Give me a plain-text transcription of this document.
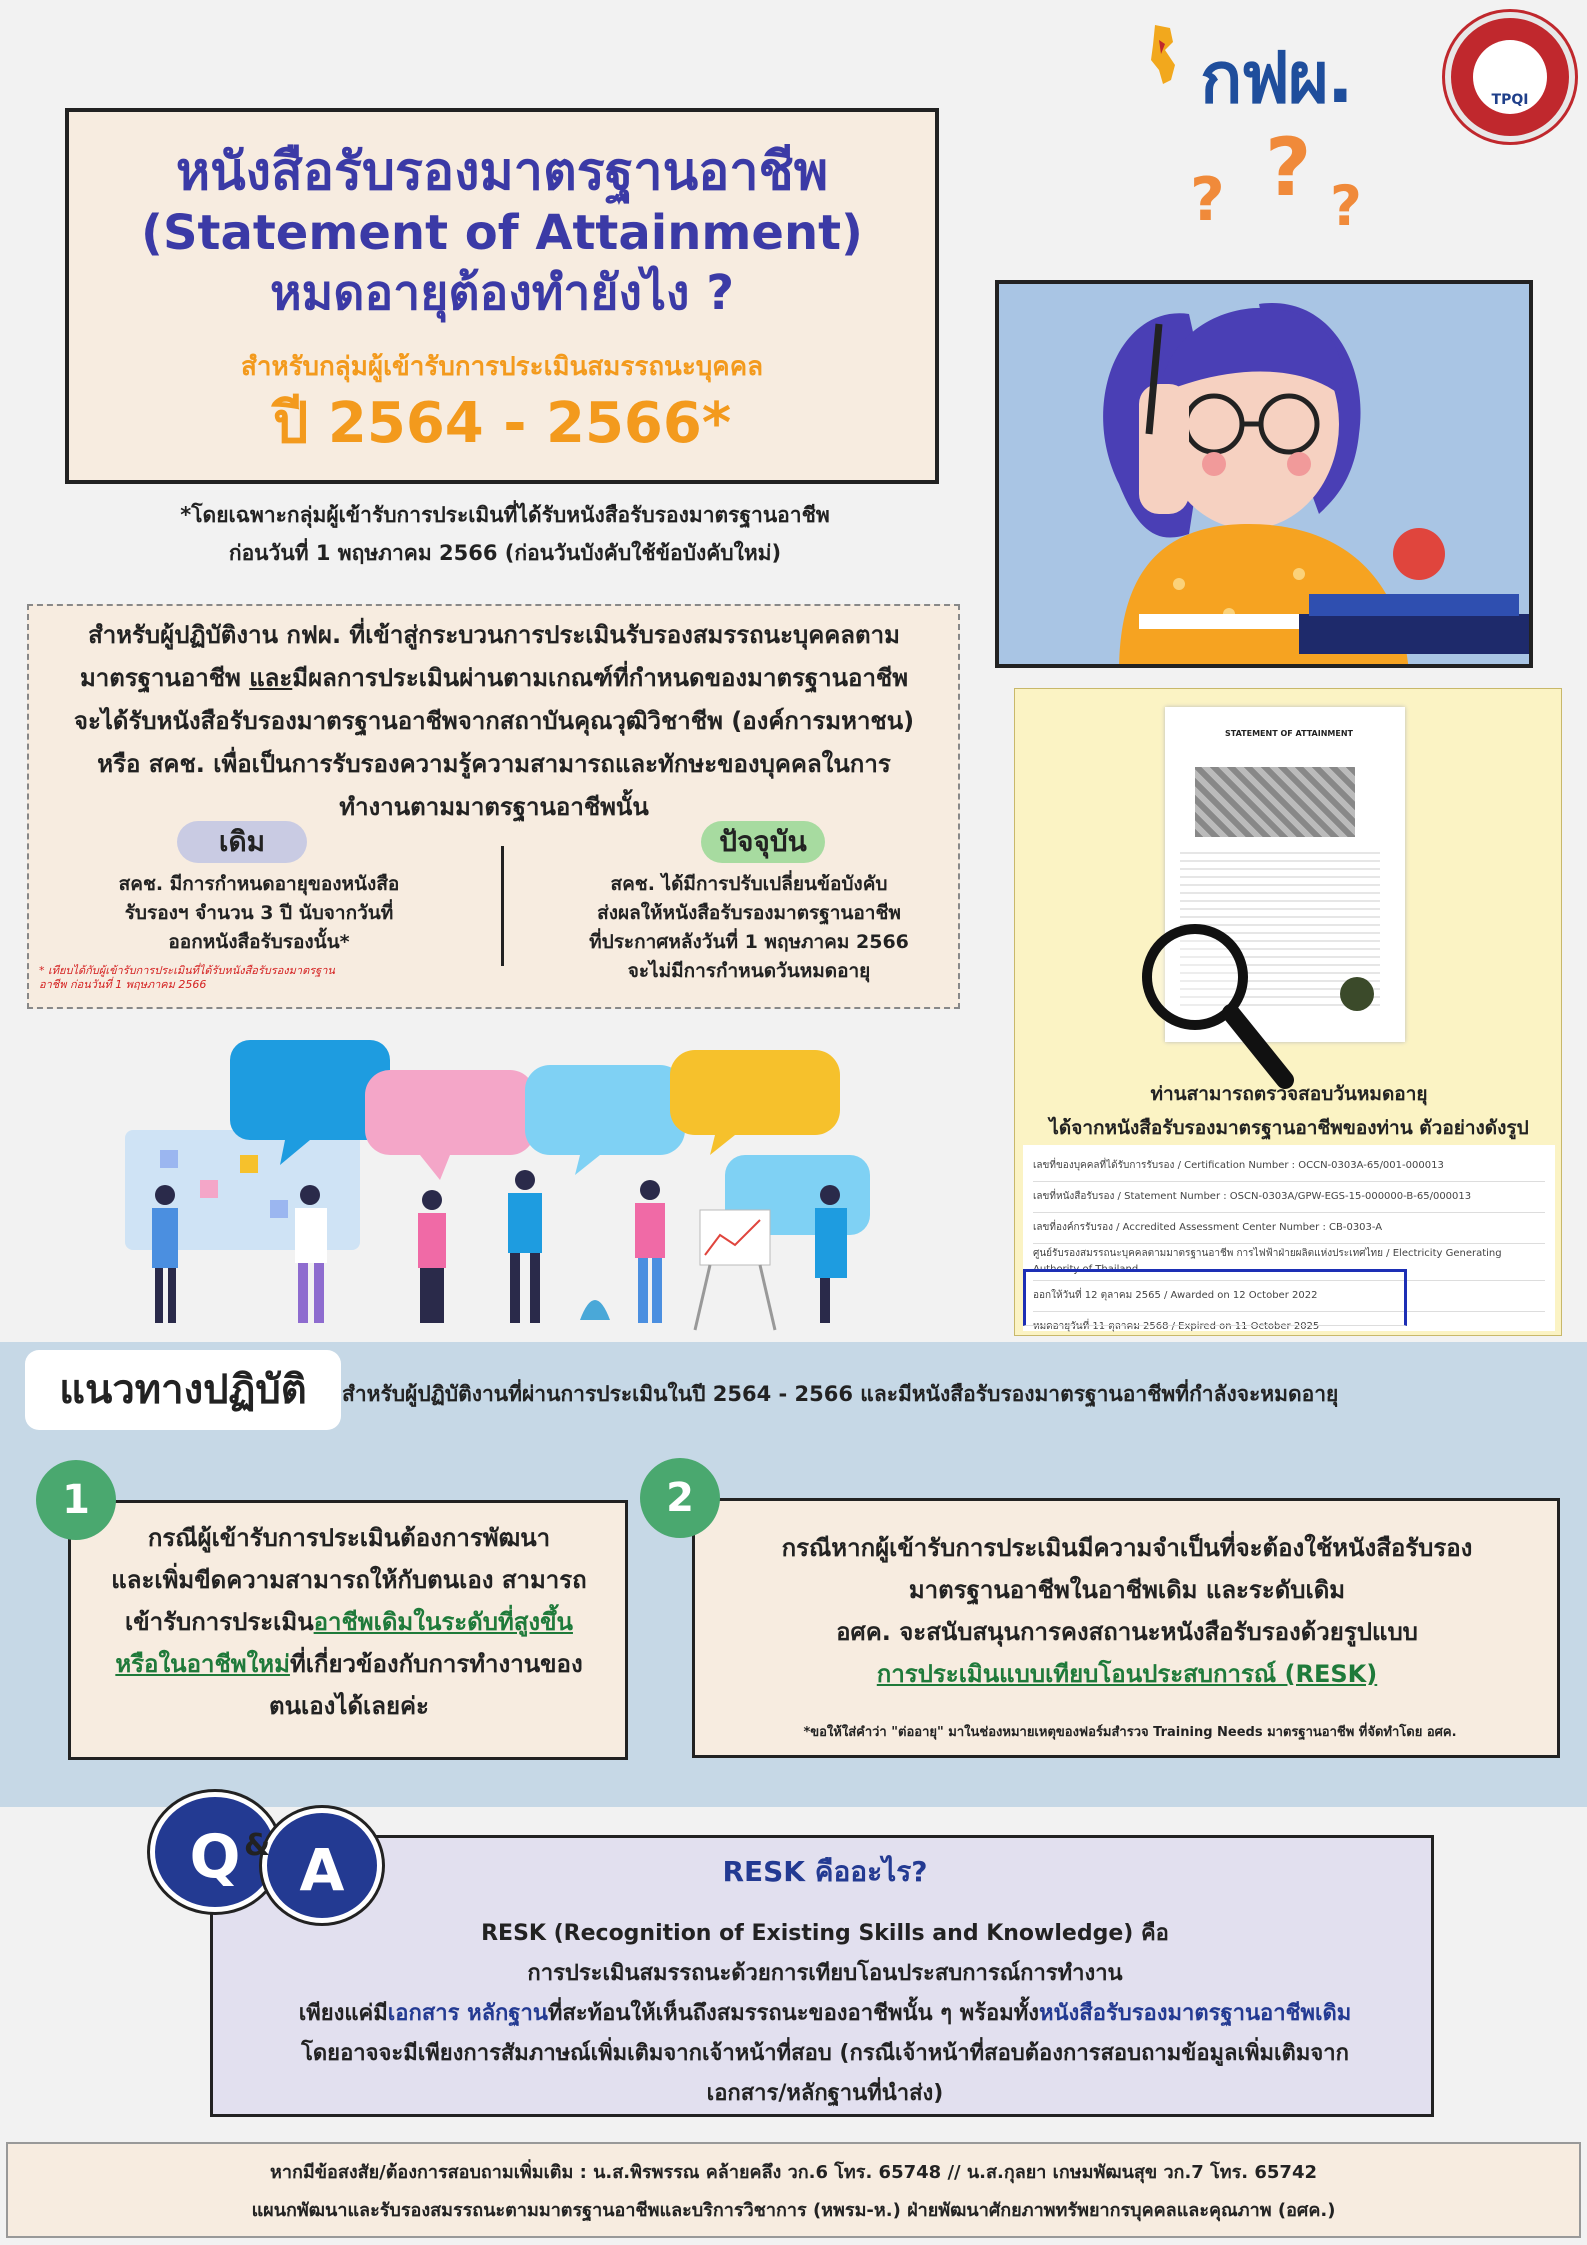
กฟผ.	TPQI
หนังสือรับรองมาตรฐานอาชีพ
(Statement of Attainment)
หมดอายุต้องทำยังไง ?
สำหรับกลุ่มผู้เข้ารับการประเมินสมรรถนะบุคคล
ปี 2564 - 2566*
*โดยเฉพาะกลุ่มผู้เข้ารับการประเมินที่ได้รับหนังสือรับรองมาตรฐานอาชีพ
ก่อนวันที่ 1 พฤษภาคม 2566 (ก่อนวันบังคับใช้ข้อบังคับใหม่)
? ? ?
สำหรับผู้ปฏิบัติงาน กฟผ. ที่เข้าสู่กระบวนการประเมินรับรองสมรรถนะบุคคลตาม
มาตรฐานอาชีพ และมีผลการประเมินผ่านตามเกณฑ์ที่กำหนดของมาตรฐานอาชีพ
จะได้รับหนังสือรับรองมาตรฐานอาชีพจากสถาบันคุณวุฒิวิชาชีพ (องค์การมหาชน)
หรือ สคช. เพื่อเป็นการรับรองความรู้ความสามารถและทักษะของบุคคลในการ
ทำงานตามมาตรฐานอาชีพนั้น
เดิม	ปัจจุบัน
สคช. มีการกำหนดอายุของหนังสือ
รับรองฯ จำนวน 3 ปี นับจากวันที่
ออกหนังสือรับรองนั้น*
สคช. ได้มีการปรับเปลี่ยนข้อบังคับ
ส่งผลให้หนังสือรับรองมาตรฐานอาชีพ
ที่ประกาศหลังวันที่ 1 พฤษภาคม 2566
จะไม่มีการกำหนดวันหมดอายุ
* เทียบได้กับผู้เข้ารับการประเมินที่ได้รับหนังสือรับรองมาตรฐานอาชีพ ก่อนวันที่ 1 พฤษภาคม 2566
STATEMENT OF ATTAINMENT
ท่านสามารถตรวจสอบวันหมดอายุ
ได้จากหนังสือรับรองมาตรฐานอาชีพของท่าน ตัวอย่างดังรูป
เลขที่ของบุคคลที่ได้รับการรับรอง / Certification Number : OCCN-0303A-65/001-000013
เลขที่หนังสือรับรอง / Statement Number : OSCN-0303A/GPW-EGS-15-000000-B-65/000013
เลขที่องค์กรรับรอง / Accredited Assessment Center Number : CB-0303-A
ศูนย์รับรองสมรรถนะบุคคลตามมาตรฐานอาชีพ การไฟฟ้าฝ่ายผลิตแห่งประเทศไทย / Electricity Generating Authority of Thailand
ออกให้วันที่ 12 ตุลาคม 2565 / Awarded on 12 October 2022
หมดอายุวันที่ 11 ตุลาคม 2568 / Expired on 11 October 2025
แนวทางปฏิบัติ	สำหรับผู้ปฏิบัติงานที่ผ่านการประเมินในปี 2564 - 2566 และมีหนังสือรับรองมาตรฐานอาชีพที่กำลังจะหมดอายุ
กรณีผู้เข้ารับการประเมินต้องการพัฒนา
และเพิ่มขีดความสามารถให้กับตนเอง สามารถ
เข้ารับการประเมินอาชีพเดิมในระดับที่สูงขึ้น
หรือในอาชีพใหม่ที่เกี่ยวข้องกับการทำงานของ
ตนเองได้เลยค่ะ
1
กรณีหากผู้เข้ารับการประเมินมีความจำเป็นที่จะต้องใช้หนังสือรับรอง
มาตรฐานอาชีพในอาชีพเดิม และระดับเดิม
อศค. จะสนับสนุนการคงสถานะหนังสือรับรองด้วยรูปแบบ
การประเมินแบบเทียบโอนประสบการณ์ (RESK)
*ขอให้ใส่คำว่า "ต่ออายุ" มาในช่องหมายเหตุของฟอร์มสำรวจ Training Needs มาตรฐานอาชีพ ที่จัดทำโดย อศค.
2
RESK คืออะไร?
RESK (Recognition of Existing Skills and Knowledge) คือ
การประเมินสมรรถนะด้วยการเทียบโอนประสบการณ์การทำงาน
เพียงแค่มีเอกสาร หลักฐานที่สะท้อนให้เห็นถึงสมรรถนะของอาชีพนั้น ๆ พร้อมทั้งหนังสือรับรองมาตรฐานอาชีพเดิม
โดยอาจจะมีเพียงการสัมภาษณ์เพิ่มเติมจากเจ้าหน้าที่สอบ (กรณีเจ้าหน้าที่สอบต้องการสอบถามข้อมูลเพิ่มเติมจาก
เอกสาร/หลักฐานที่นำส่ง)
Q	A
&
หากมีข้อสงสัย/ต้องการสอบถามเพิ่มเติม : น.ส.พิรพรรณ คล้ายคลึง วก.6 โทร. 65748 // น.ส.กุลยา เกษมพัฒนสุข วก.7 โทร. 65742
แผนกพัฒนาและรับรองสมรรถนะตามมาตรฐานอาชีพและบริการวิชาการ (หพรม-ห.) ฝ่ายพัฒนาศักยภาพทรัพยากรบุคคลและคุณภาพ (อศค.)
